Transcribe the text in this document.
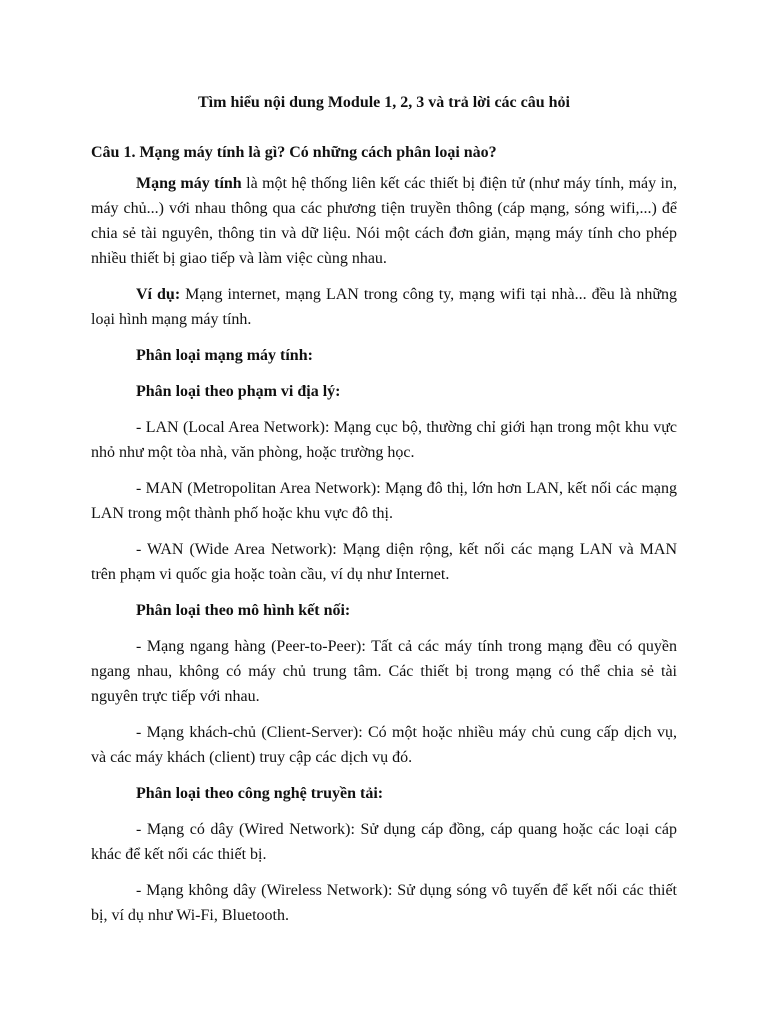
Tìm hiểu nội dung Module 1, 2, 3 và trả lời các câu hỏi

Câu 1. Mạng máy tính là gì? Có những cách phân loại nào?

Mạng máy tính là một hệ thống liên kết các thiết bị điện tử (như máy tính, máy in, máy chủ...) với nhau thông qua các phương tiện truyền thông (cáp mạng, sóng wifi,...) để chia sẻ tài nguyên, thông tin và dữ liệu. Nói một cách đơn giản, mạng máy tính cho phép nhiều thiết bị giao tiếp và làm việc cùng nhau.

Ví dụ: Mạng internet, mạng LAN trong công ty, mạng wifi tại nhà... đều là những loại hình mạng máy tính.

Phân loại mạng máy tính:

Phân loại theo phạm vi địa lý:

- LAN (Local Area Network): Mạng cục bộ, thường chỉ giới hạn trong một khu vực nhỏ như một tòa nhà, văn phòng, hoặc trường học.

- MAN (Metropolitan Area Network): Mạng đô thị, lớn hơn LAN, kết nối các mạng LAN trong một thành phố hoặc khu vực đô thị.

- WAN (Wide Area Network): Mạng diện rộng, kết nối các mạng LAN và MAN trên phạm vi quốc gia hoặc toàn cầu, ví dụ như Internet.

Phân loại theo mô hình kết nối:

- Mạng ngang hàng (Peer-to-Peer): Tất cả các máy tính trong mạng đều có quyền ngang nhau, không có máy chủ trung tâm. Các thiết bị trong mạng có thể chia sẻ tài nguyên trực tiếp với nhau.

- Mạng khách-chủ (Client-Server): Có một hoặc nhiều máy chủ cung cấp dịch vụ, và các máy khách (client) truy cập các dịch vụ đó.

Phân loại theo công nghệ truyền tải:

- Mạng có dây (Wired Network): Sử dụng cáp đồng, cáp quang hoặc các loại cáp khác để kết nối các thiết bị.

- Mạng không dây (Wireless Network): Sử dụng sóng vô tuyến để kết nối các thiết bị, ví dụ như Wi-Fi, Bluetooth.
